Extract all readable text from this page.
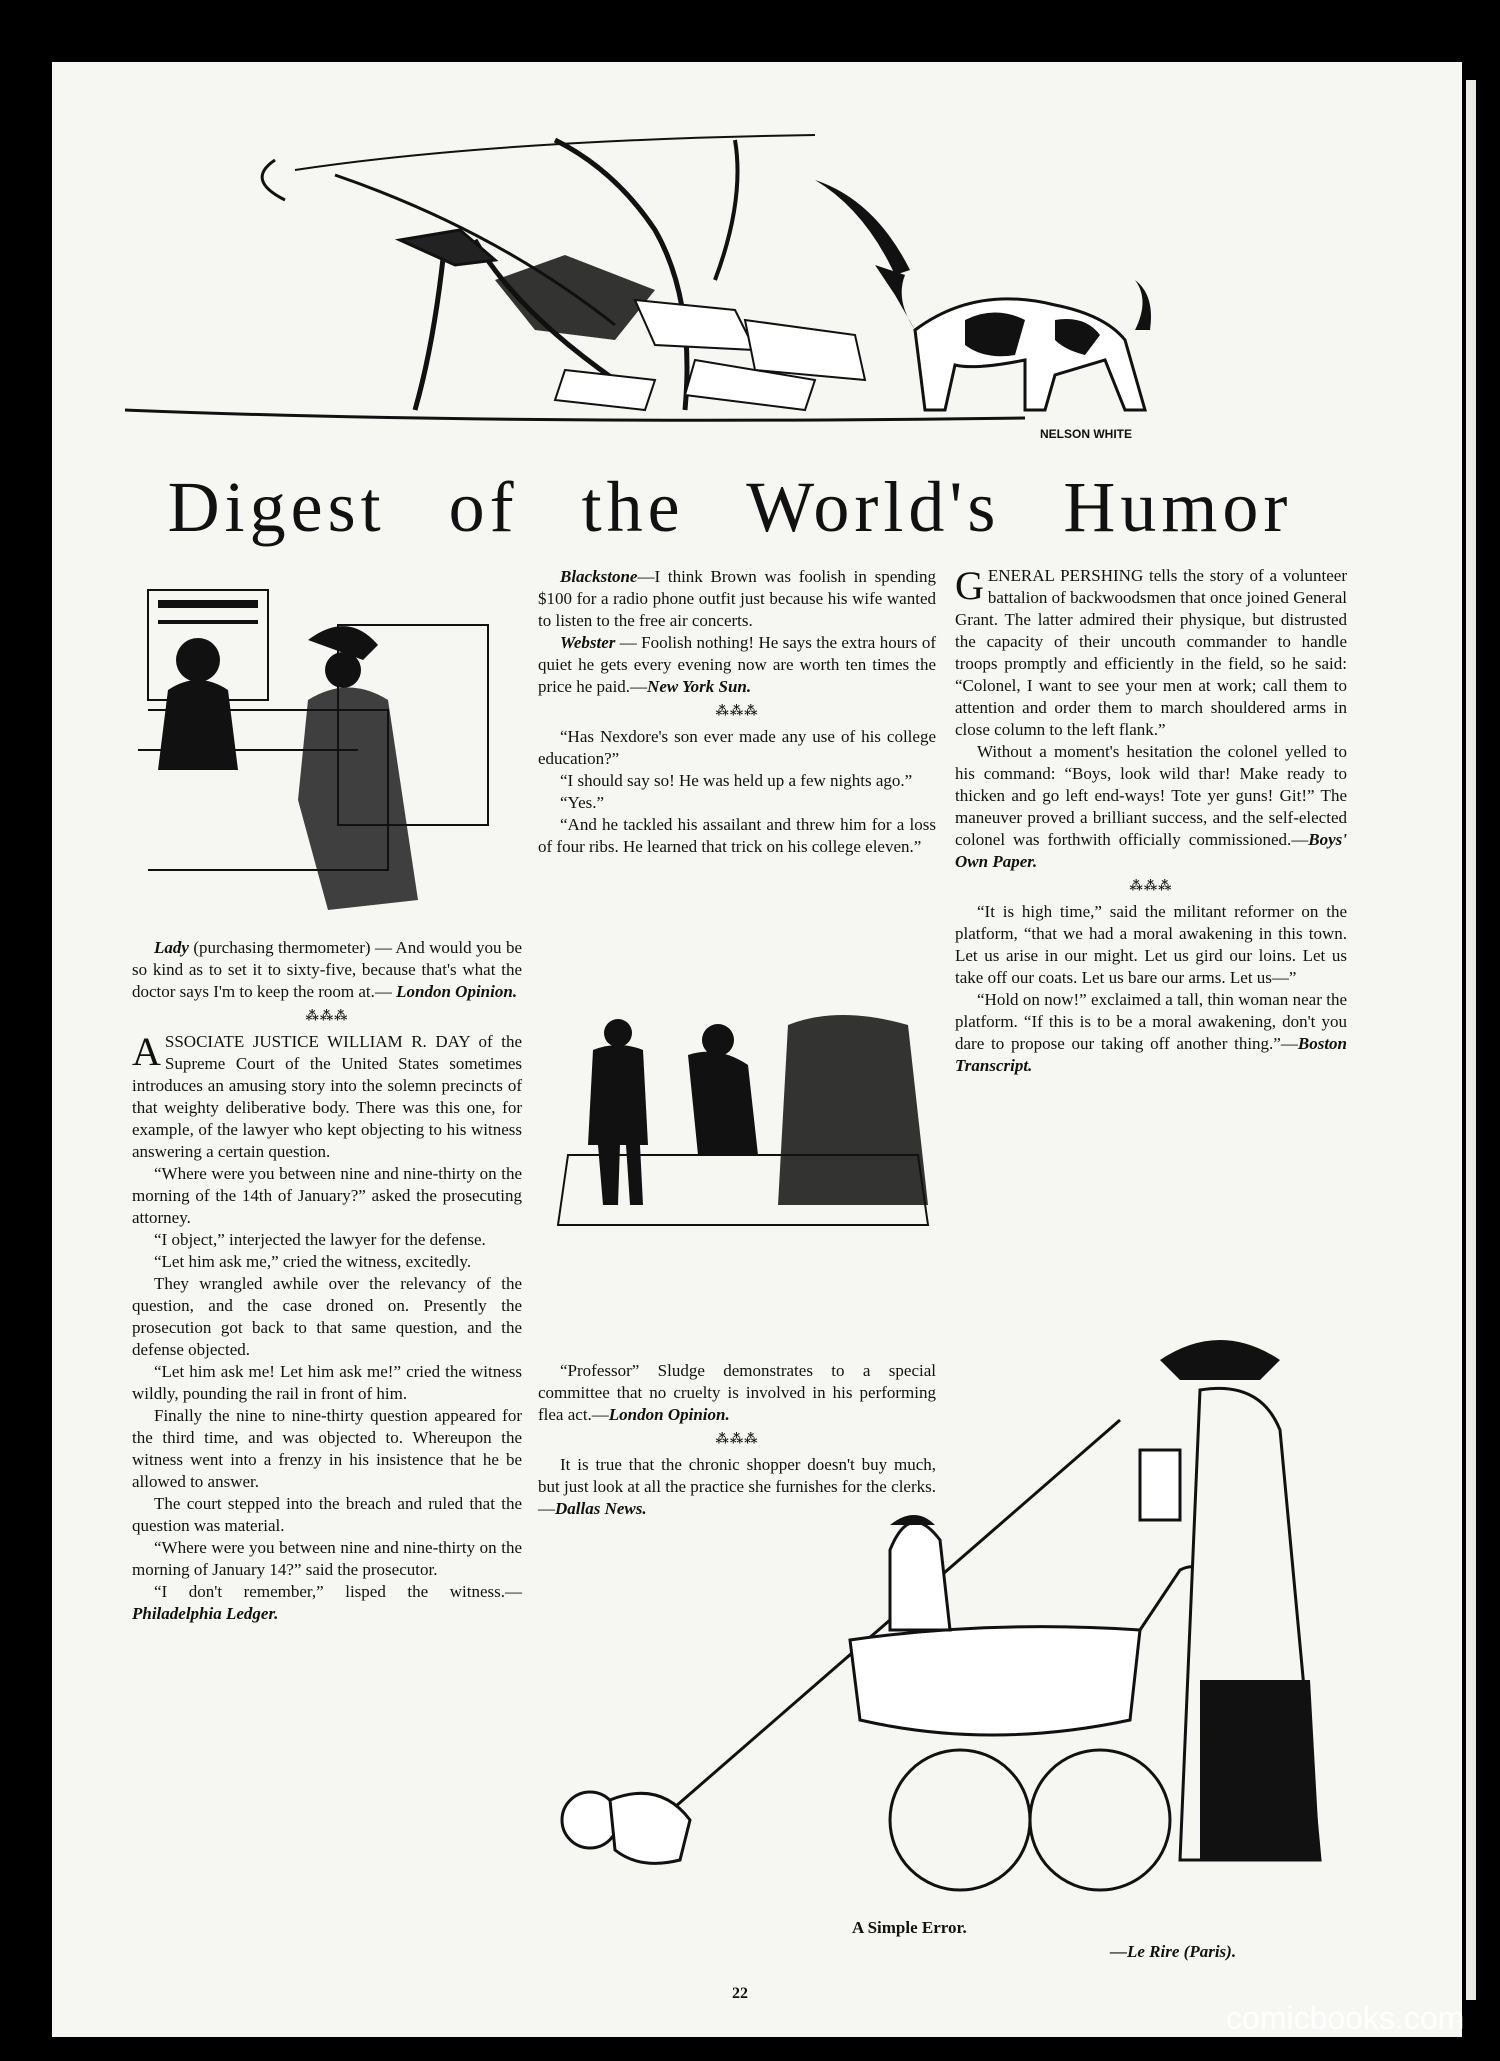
NELSON WHITE
Digest of the World's Humor

Lady (purchasing thermometer) — And would you be so kind as to set it to sixty-five, because that's what the doctor says I'm to keep the room at.— London Opinion.

⁂⁂⁂

ASSOCIATE JUSTICE WILLIAM R. DAY of the Supreme Court of the United States sometimes introduces an amusing story into the solemn precincts of that weighty deliberative body. There was this one, for example, of the lawyer who kept objecting to his witness answering a certain question.

“Where were you between nine and nine-thirty on the morning of the 14th of January?” asked the prosecuting attorney.

“I object,” interjected the lawyer for the defense.

“Let him ask me,” cried the witness, excitedly.

They wrangled awhile over the relevancy of the question, and the case droned on. Presently the prosecution got back to that same question, and the defense objected.

“Let him ask me! Let him ask me!” cried the witness wildly, pounding the rail in front of him.

Finally the nine to nine-thirty question appeared for the third time, and was objected to. Whereupon the witness went into a frenzy in his insistence that he be allowed to answer.

The court stepped into the breach and ruled that the question was material.

“Where were you between nine and nine-thirty on the morning of January 14?” said the prosecutor.

“I don't remember,” lisped the witness.—Philadelphia Ledger.

Blackstone—I think Brown was foolish in spending $100 for a radio phone outfit just because his wife wanted to listen to the free air concerts.

Webster — Foolish nothing! He says the extra hours of quiet he gets every evening now are worth ten times the price he paid.—New York Sun.

⁂⁂⁂

“Has Nexdore's son ever made any use of his college education?”

“I should say so! He was held up a few nights ago.”

“Yes.”

“And he tackled his assailant and threw him for a loss of four ribs. He learned that trick on his college eleven.”

“Professor” Sludge demonstrates to a special committee that no cruelty is involved in his performing flea act.—London Opinion.

⁂⁂⁂

It is true that the chronic shopper doesn't buy much, but just look at all the practice she furnishes for the clerks.—Dallas News.

GENERAL PERSHING tells the story of a volunteer battalion of backwoodsmen that once joined General Grant. The latter admired their physique, but distrusted the capacity of their uncouth commander to handle troops promptly and efficiently in the field, so he said: “Colonel, I want to see your men at work; call them to attention and order them to march shouldered arms in close column to the left flank.”

Without a moment's hesitation the colonel yelled to his command: “Boys, look wild thar! Make ready to thicken and go left end-ways! Tote yer guns! Git!” The maneuver proved a brilliant success, and the self-elected colonel was forthwith officially commissioned.—Boys' Own Paper.

⁂⁂⁂

“It is high time,” said the militant reformer on the platform, “that we had a moral awakening in this town. Let us arise in our might. Let us gird our loins. Let us take off our coats. Let us bare our arms. Let us—”

“Hold on now!” exclaimed a tall, thin woman near the platform. “If this is to be a moral awakening, don't you dare to propose our taking off another thing.”—Boston Transcript.

A Simple Error.
—Le Rire (Paris).
22
comicbooks.com
